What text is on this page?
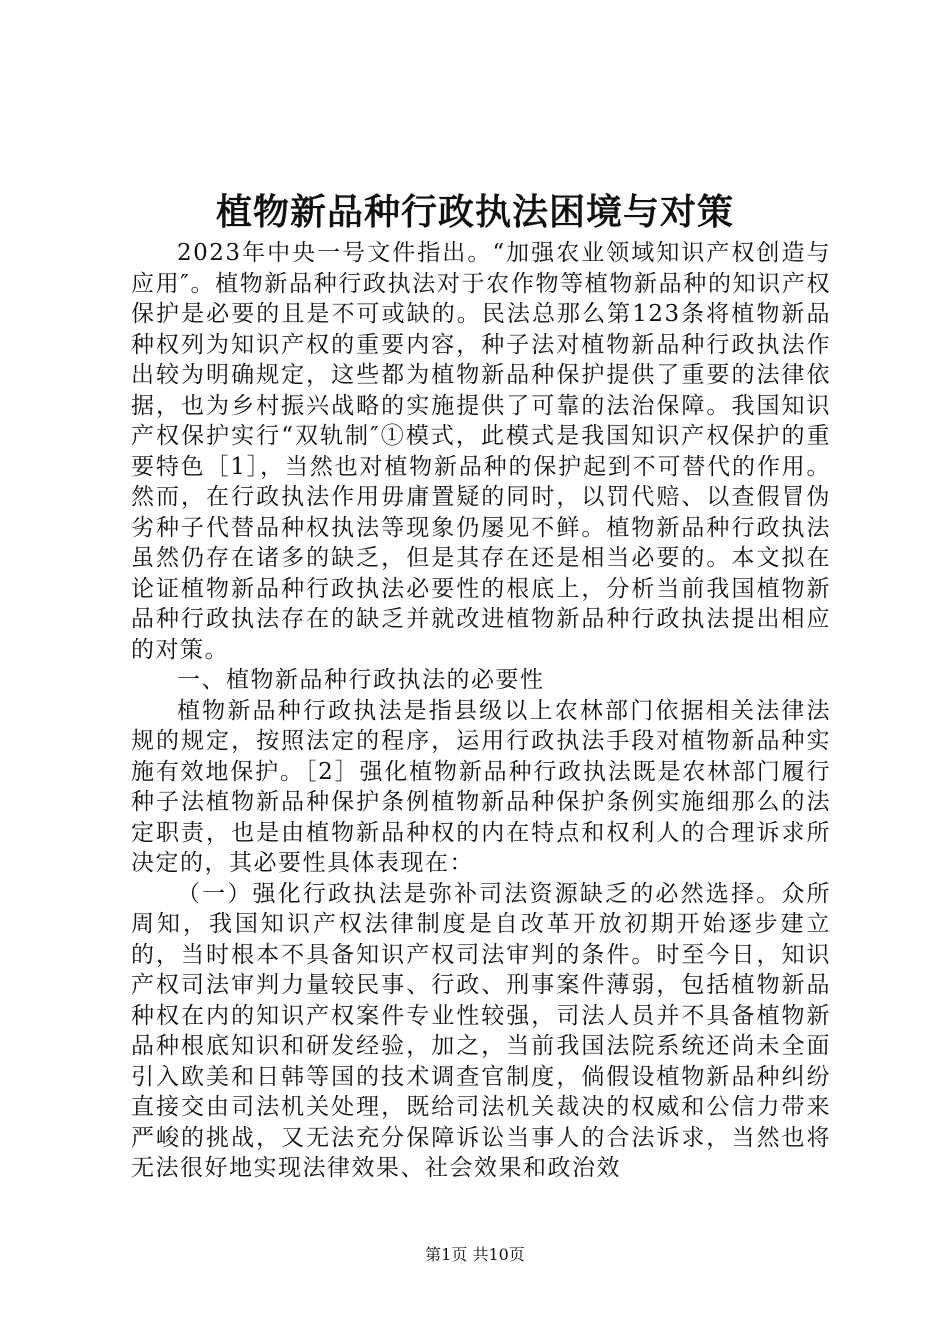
植物新品种行政执法困境与对策

2023年中央一号文件指出。“加强农业领域知识产权创造与应用″。植物新品种行政执法对于农作物等植物新品种的知识产权保护是必要的且是不可或缺的。民法总那么第123条将植物新品种权列为知识产权的重要内容，种子法对植物新品种行政执法作出较为明确规定，这些都为植物新品种保护提供了重要的法律依据，也为乡村振兴战略的实施提供了可靠的法治保障。我国知识产权保护实行“双轨制″①模式，此模式是我国知识产权保护的重要特色［1］，当然也对植物新品种的保护起到不可替代的作用。然而，在行政执法作用毋庸置疑的同时，以罚代赔、以查假冒伪劣种子代替品种权执法等现象仍屡见不鲜。植物新品种行政执法虽然仍存在诸多的缺乏，但是其存在还是相当必要的。本文拟在论证植物新品种行政执法必要性的根底上，分析当前我国植物新品种行政执法存在的缺乏并就改进植物新品种行政执法提出相应的对策。

一、植物新品种行政执法的必要性

植物新品种行政执法是指县级以上农林部门依据相关法律法规的规定，按照法定的程序，运用行政执法手段对植物新品种实施有效地保护。［2］强化植物新品种行政执法既是农林部门履行种子法植物新品种保护条例植物新品种保护条例实施细那么的法定职责，也是由植物新品种权的内在特点和权利人的合理诉求所决定的，其必要性具体表现在：

（一）强化行政执法是弥补司法资源缺乏的必然选择。众所周知，我国知识产权法律制度是自改革开放初期开始逐步建立的，当时根本不具备知识产权司法审判的条件。时至今日，知识产权司法审判力量较民事、行政、刑事案件薄弱，包括植物新品种权在内的知识产权案件专业性较强，司法人员并不具备植物新品种根底知识和研发经验，加之，当前我国法院系统还尚未全面引入欧美和日韩等国的技术调查官制度，倘假设植物新品种纠纷直接交由司法机关处理，既给司法机关裁决的权威和公信力带来严峻的挑战，又无法充分保障诉讼当事人的合法诉求，当然也将无法很好地实现法律效果、社会效果和政治效

第1页 共10页
